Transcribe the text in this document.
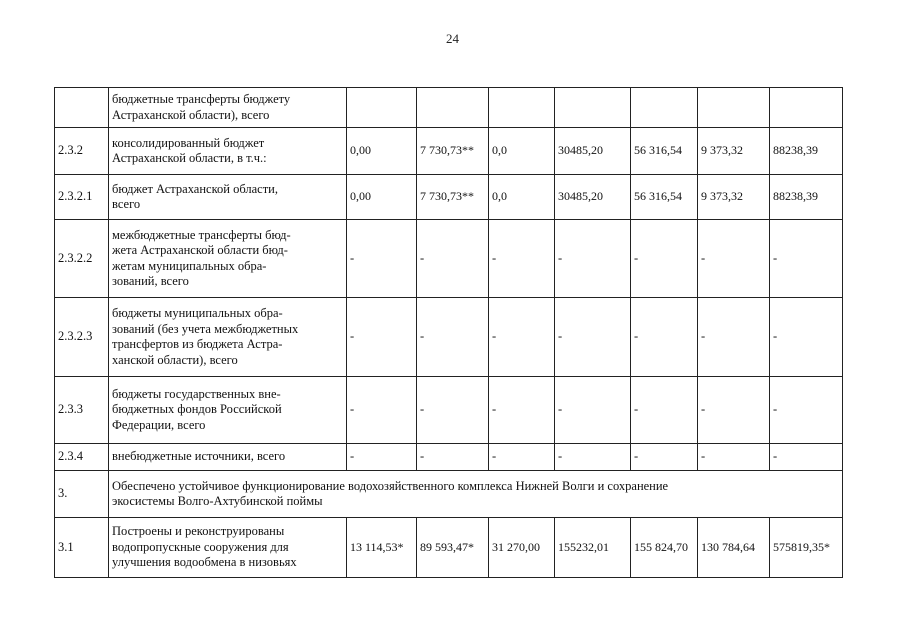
24

	бюджетные трансферты бюджету
Астраханской области), всего							

2.3.2	консолидированный бюджет
Астраханской области, в т.ч.:	0,00	7 730,73**	0,0	30485,20	56 316,54	9 373,32	88238,39
2.3.2.1	бюджет Астраханской области,
всего	0,00	7 730,73**	0,0	30485,20	56 316,54	9 373,32	88238,39
2.3.2.2	межбюджетные трансферты бюд-
жета Астраханской области бюд-
жетам муниципальных обра-
зований, всего	-	-	-	-	-	-	-
2.3.2.3	бюджеты муниципальных обра-
зований (без учета межбюджетных
трансфертов из бюджета Астра-
ханской области), всего	-	-	-	-	-	-	-
2.3.3	бюджеты государственных вне-
бюджетных фондов Российской
Федерации, всего	-	-	-	-	-	-	-
2.3.4	внебюджетные источники, всего	-	-	-	-	-	-	-
3.	Обеспечено устойчивое функционирование водохозяйственного комплекса Нижней Волги и сохранение
экосистемы Волго-Ахтубинской поймы							

3.1	Построены и реконструированы
водопропускные сооружения для
улучшения водообмена в низовьях	13 114,53*	89 593,47*	31 270,00	155232,01	155 824,70	130 784,64	575819,35*
